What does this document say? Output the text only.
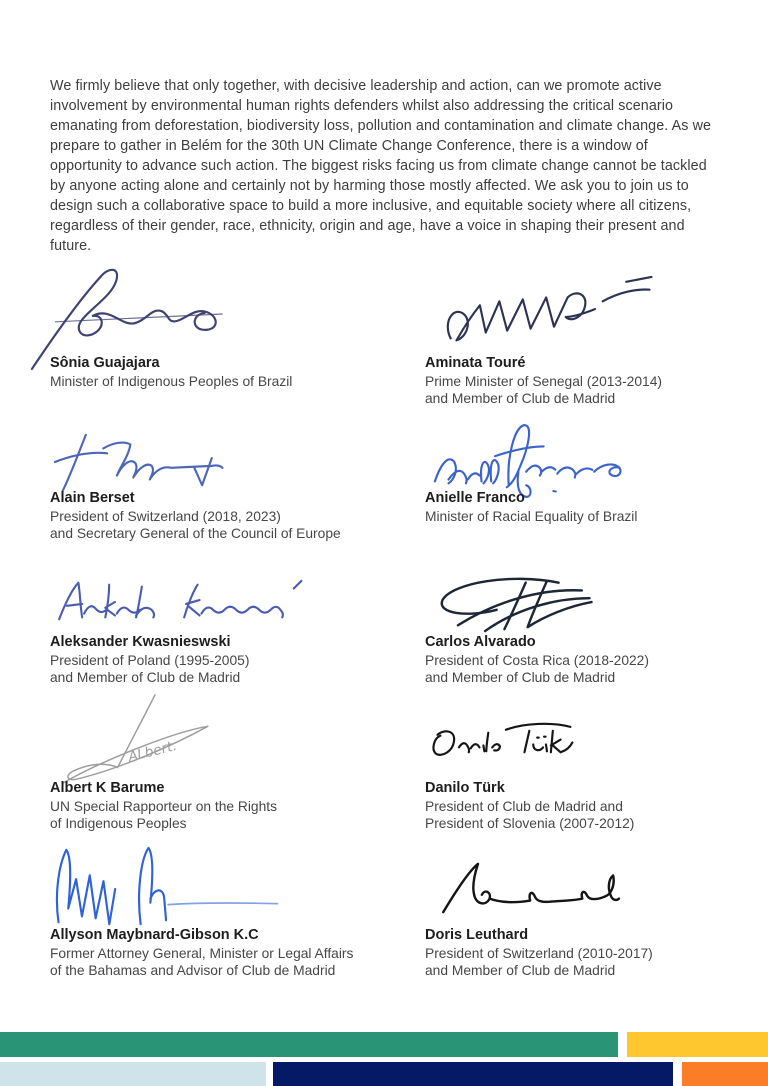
We firmly believe that only together, with decisive leadership and action, can we promote active involvement by environmental human rights defenders whilst also addressing the critical scenario emanating from deforestation, biodiversity loss, pollution and contamination and climate change. As we prepare to gather in Belém for the 30th UN Climate Change Conference, there is a window of opportunity to advance such action. The biggest risks facing us from climate change cannot be tackled by anyone acting alone and certainly not by harming those mostly affected. We ask you to join us to design such a collaborative space to build a more inclusive, and equitable society where all citizens, regardless of their gender, race, ethnicity, origin and age, have a voice in shaping their present and future.

Sônia Guajajara
Minister of Indigenous Peoples of Brazil
Aminata Touré
Prime Minister of Senegal (2013-2014)
and Member of Club de Madrid
Alain Berset
President of Switzerland (2018, 2023)
and Secretary General of the Council of Europe
Anielle Franco
Minister of Racial Equality of Brazil
Aleksander Kwasnieswski
President of Poland (1995-2005)
and Member of Club de Madrid
Carlos Alvarado
President of Costa Rica (2018-2022)
and Member of Club de Madrid
ALbert.
Albert K Barume
UN Special Rapporteur on the Rights
of Indigenous Peoples
Danilo Türk
President of Club de Madrid and
President of Slovenia (2007-2012)
Allyson Maybnard-Gibson K.C
Former Attorney General, Minister or Legal Affairs
of the Bahamas and Advisor of Club de Madrid
Doris Leuthard
President of Switzerland (2010-2017)
and Member of Club de Madrid
